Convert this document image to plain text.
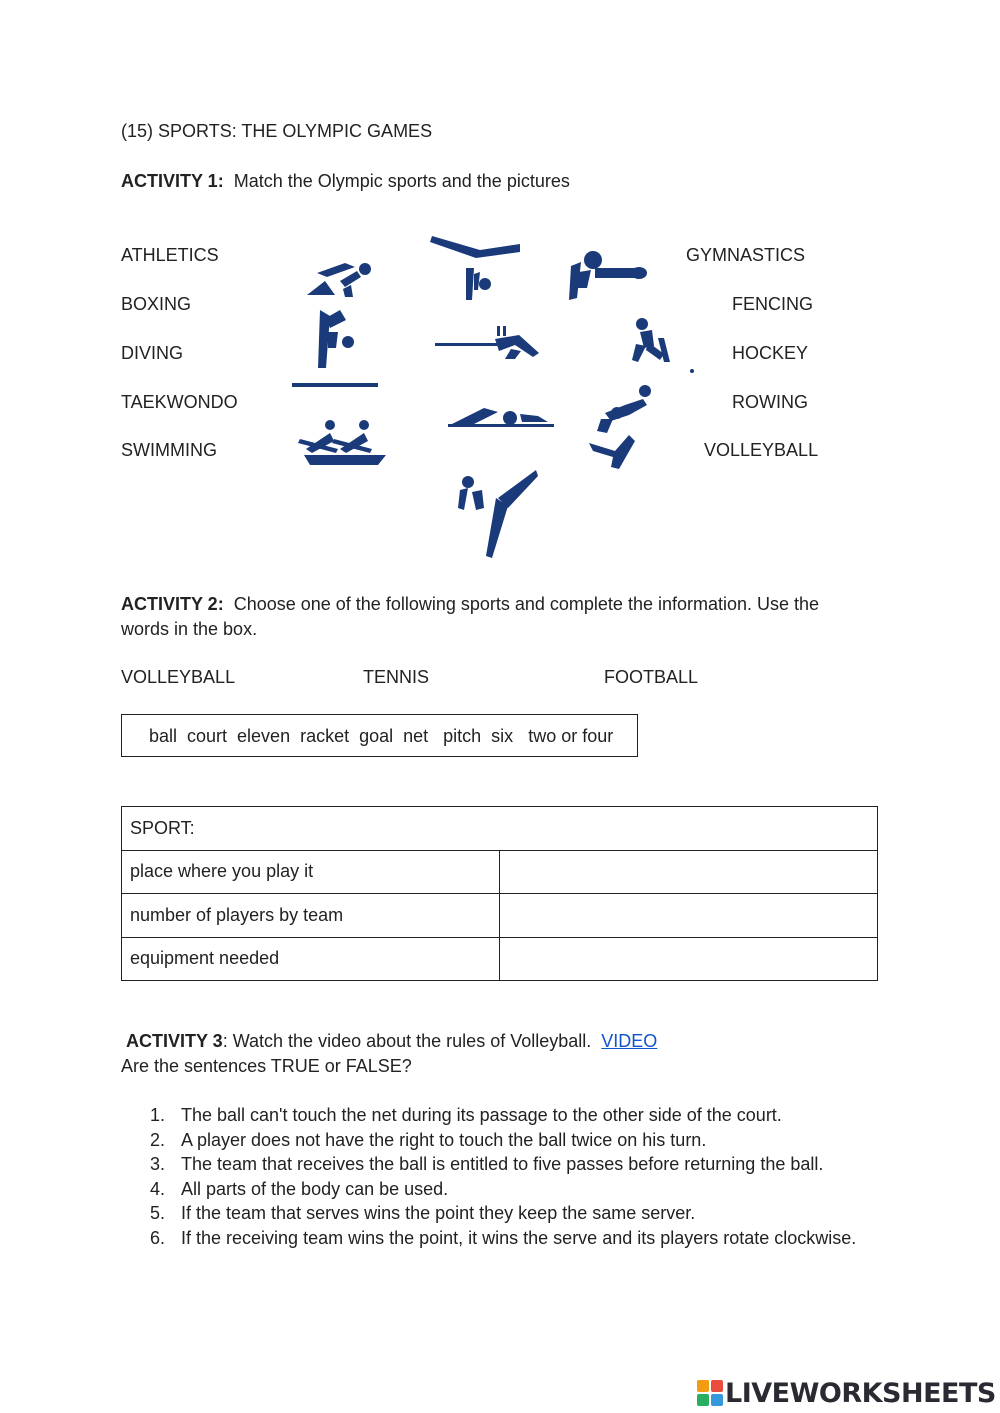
(15) SPORTS: THE OLYMPIC GAMES
ACTIVITY 1: Match the Olympic sports and the pictures
ATHLETICS
BOXING
DIVING
TAEKWONDO
SWIMMING
GYMNASTICS
FENCING
HOCKEY
ROWING
VOLLEYBALL
ACTIVITY 2: Choose one of the following sports and complete the information. Use the
words in the box.
VOLLEYBALL	TENNIS	FOOTBALL
ball  court  eleven  racket  goal  net   pitch  six   two or four
SPORT:	
place where you play it	
number of players by team	
equipment needed	
ACTIVITY 3: Watch the video about the rules of Volleyball. VIDEO
Are the sentences TRUE or FALSE?
1. The ball can't touch the net during its passage to the other side of the court.
2. A player does not have the right to touch the ball twice on his turn.
3. The team that receives the ball is entitled to five passes before returning the ball.
4. All parts of the body can be used.
5. If the team that serves wins the point they keep the same server.
6. If the receiving team wins the point, it wins the serve and its players rotate clockwise.
LIVEWORKSHEETS
